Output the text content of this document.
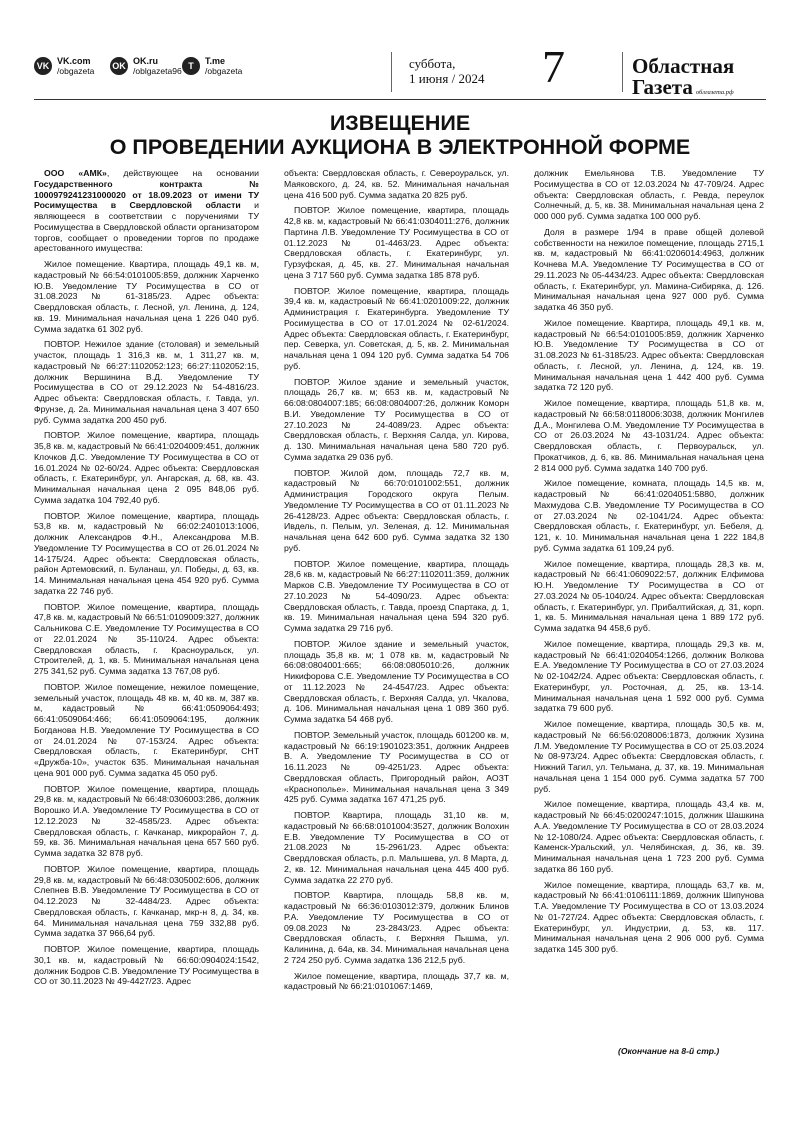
VK VK.com
/obgazeta OK OK.ru
/oblgazeta96 T	T.me
/obgazeta	суббота,
1 июня / 2024 7	Областная
Газета облгазета.рф
ИЗВЕЩЕНИЕ
О ПРОВЕДЕНИИ АУКЦИОНА В ЭЛЕКТРОННОЙ ФОРМЕ

ООО «АМК», действующее на основании Государственного контракта № 1000979241231000020 от 18.09.2023 от имени ТУ Росимущества в Свердловской области и являющееся в соответствии с поручениями ТУ Росимущества в Свердловской области организатором торгов, сообщает о проведении торгов по продаже арестованного имущества:

Жилое помещение. Квартира, площадь 49,1 кв. м, кадастровый № 66:54:0101005:859, должник Харченко Ю.В. Уведомление ТУ Росимущества в СО от 31.08.2023 № 61-3185/23. Адрес объекта: Свердловская область, г. Лесной, ул. Ленина, д. 124, кв. 19. Минимальная начальная цена 1 226 040 руб. Сумма задатка 61 302 руб.

ПОВТОР. Нежилое здание (столовая) и земельный участок, площадь 1 316,3 кв. м, 1 311,27 кв. м, кадастровый № 66:27:1102052:123; 66:27:1102052:15, должник Вершинина В.Д. Уведомление ТУ Росимущества в СО от 29.12.2023 № 54-4816/23. Адрес объекта: Свердловская область, г. Тавда, ул. Фрунзе, д. 2а. Минимальная начальная цена 3 407 650 руб. Сумма задатка 200 450 руб.

ПОВТОР. Жилое помещение, квартира, площадь 35,8 кв. м, кадастровый № 66:41:0204009:451, должник Клочков Д.С. Уведомление ТУ Росимущества в СО от 16.01.2024 № 02-60/24. Адрес объекта: Свердловская область, г. Екатеринбург, ул. Ангарская, д. 68, кв. 43. Минимальная начальная цена 2 095 848,06 руб. Сумма задатка 104 792,40 руб.

ПОВТОР. Жилое помещение, квартира, площадь 53,8 кв. м, кадастровый № 66:02:2401013:1006, должник Александров Ф.Н., Александрова М.В. Уведомление ТУ Росимущества в СО от 26.01.2024 № 14-175/24. Адрес объекта: Свердловская область, район Артемовский, п. Буланаш, ул. Победы, д. 63, кв. 14. Минимальная начальная цена 454 920 руб. Сумма задатка 22 746 руб.

ПОВТОР. Жилое помещение, квартира, площадь 47,8 кв. м, кадастровый № 66:51:0109009:327, должник Сальникова С.Е. Уведомление ТУ Росимущества в СО от 22.01.2024 № 35-110/24. Адрес объекта: Свердловская область, г. Красноуральск, ул. Строителей, д. 1, кв. 5. Минимальная начальная цена 275 341,52 руб. Сумма задатка 13 767,08 руб.

ПОВТОР. Жилое помещение, нежилое помещение, земельный участок, площадь 48 кв. м, 40 кв. м, 387 кв. м, кадастровый № 66:41:0509064:493; 66:41:0509064:466; 66:41:0509064:195, должник Богданова Н.В. Уведомление ТУ Росимущества в СО от 24.01.2024 № 07-153/24. Адрес объекта: Свердловская область, г. Екатеринбург, СНТ «Дружба-10», участок 635. Минимальная начальная цена 901 000 руб. Сумма задатка 45 050 руб.

ПОВТОР. Жилое помещение, квартира, площадь 29,8 кв. м, кадастровый № 66:48:0306003:286, должник Ворошко И.А. Уведомление ТУ Росимущества в СО от 12.12.2023 № 32-4585/23. Адрес объекта: Свердловская область, г. Качканар, микрорайон 7, д. 59, кв. 36. Минимальная начальная цена 657 560 руб. Сумма задатка 32 878 руб.

ПОВТОР. Жилое помещение, квартира, площадь 29,8 кв. м, кадастровый № 66:48:0305002:606, должник Слепнев В.В. Уведомление ТУ Росимущества в СО от 04.12.2023 № 32-4484/23. Адрес объекта: Свердловская область, г. Качканар, мкр-н 8, д. 34, кв. 64. Минимальная начальная цена 759 332,88 руб. Сумма задатка 37 966,64 руб.

ПОВТОР. Жилое помещение, квартира, площадь 30,1 кв. м, кадастровый № 66:60:0904024:1542, должник Бодров С.В. Уведомление ТУ Росимущества в СО от 30.11.2023 № 49-4427/23. Адрес

объекта: Свердловская область, г. Североуральск, ул. Маяковского, д. 24, кв. 52. Минимальная начальная цена 416 500 руб. Сумма задатка 20 825 руб.

ПОВТОР. Жилое помещение, квартира, площадь 42,8 кв. м, кадастровый № 66:41:0304011:276, должник Партина Л.В. Уведомление ТУ Росимущества в СО от 01.12.2023 № 01-4463/23. Адрес объекта: Свердловская область, г. Екатеринбург, ул. Гурзуфская, д. 45, кв. 27. Минимальная начальная цена 3 717 560 руб. Сумма задатка 185 878 руб.

ПОВТОР. Жилое помещение, квартира, площадь 39,4 кв. м, кадастровый № 66:41:0201009:22, должник Администрация г. Екатеринбурга. Уведомление ТУ Росимущества в СО от 17.01.2024 № 02-61/2024. Адрес объекта: Свердловская область, г. Екатеринбург, пер. Северка, ул. Советская, д. 5, кв. 2. Минимальная начальная цена 1 094 120 руб. Сумма задатка 54 706 руб.

ПОВТОР. Жилое здание и земельный участок, площадь 26,7 кв. м; 653 кв. м, кадастровый № 66:08:0804007:185; 66:08:0804007:26, должник Коморн В.И. Уведомление ТУ Росимущества в СО от 27.10.2023 № 24-4089/23. Адрес объекта: Свердловская область, г. Верхняя Салда, ул. Кирова, д. 130. Минимальная начальная цена 580 720 руб. Сумма задатка 29 036 руб.

ПОВТОР. Жилой дом, площадь 72,7 кв. м, кадастровый № 66:70:0101002:551, должник Администрация Городского округа Пелым. Уведомление ТУ Росимущества в СО от 01.11.2023 № 26-4128/23. Адрес объекта: Свердловская область, г. Ивдель, п. Пелым, ул. Зеленая, д. 12. Минимальная начальная цена 642 600 руб. Сумма задатка 32 130 руб.

ПОВТОР. Жилое помещение, квартира, площадь 28,6 кв. м, кадастровый № 66:27:1102011:359, должник Марков С.В. Уведомление ТУ Росимущества в СО от 27.10.2023 № 54-4090/23. Адрес объекта: Свердловская область, г. Тавда, проезд Спартака, д. 1, кв. 19. Минимальная начальная цена 594 320 руб. Сумма задатка 29 716 руб.

ПОВТОР. Жилое здание и земельный участок, площадь 35,8 кв. м; 1 078 кв. м, кадастровый № 66:08:0804001:665; 66:08:0805010:26, должник Никифорова С.Е. Уведомление ТУ Росимущества в СО от 11.12.2023 № 24-4547/23. Адрес объекта: Свердловская область, г. Верхняя Салда, ул. Чкалова, д. 106. Минимальная начальная цена 1 089 360 руб. Сумма задатка 54 468 руб.

ПОВТОР. Земельный участок, площадь 601200 кв. м, кадастровый № 66:19:1901023:351, должник Андреев В. А. Уведомление ТУ Росимущества в СО от 16.11.2023 № 09-4251/23. Адрес объекта: Свердловская область, Пригородный район, АОЗТ «Краснополье». Минимальная начальная цена 3 349 425 руб. Сумма задатка 167 471,25 руб.

ПОВТОР. Квартира, площадь 31,10 кв. м, кадастровый № 66:68:0101004:3527, должник Волохин Е.В. Уведомление ТУ Росимущества в СО от 21.08.2023 № 15-2961/23. Адрес объекта: Свердловская область, р.п. Малышева, ул. 8 Марта, д. 2, кв. 12. Минимальная начальная цена 445 400 руб. Сумма задатка 22 270 руб.

ПОВТОР. Квартира, площадь 58,8 кв. м, кадастровый № 66:36:0103012:379, должник Блинов Р.А. Уведомление ТУ Росимущества в СО от 09.08.2023 № 23-2843/23. Адрес объекта: Свердловская область, г. Верхняя Пышма, ул. Калинина, д. 64а, кв. 34. Минимальная начальная цена 2 724 250 руб. Сумма задатка 136 212,5 руб.

Жилое помещение, квартира, площадь 37,7 кв. м, кадастровый № 66:21:0101067:1469,

должник Емельянова Т.В. Уведомление ТУ Росимущества в СО от 12.03.2024 № 47-709/24. Адрес объекта: Свердловская область, г. Ревда, переулок Солнечный, д. 5, кв. 38. Минимальная начальная цена 2 000 000 руб. Сумма задатка 100 000 руб.

Доля в размере 1/94 в праве общей долевой собственности на нежилое помещение, площадь 2715,1 кв. м, кадастровый № 66:41:0206014:4963, должник Кочнева М.А. Уведомление ТУ Росимущества в СО от 29.11.2023 № 05-4434/23. Адрес объекта: Свердловская область, г. Екатеринбург, ул. Мамина-Сибиряка, д. 126. Минимальная начальная цена 927 000 руб. Сумма задатка 46 350 руб.

Жилое помещение. Квартира, площадь 49,1 кв. м, кадастровый № 66:54:0101005:859, должник Харченко Ю.В. Уведомление ТУ Росимущества в СО от 31.08.2023 № 61-3185/23. Адрес объекта: Свердловская область, г. Лесной, ул. Ленина, д. 124, кв. 19. Минимальная начальная цена 1 442 400 руб. Сумма задатка 72 120 руб.

Жилое помещение, квартира, площадь 51,8 кв. м, кадастровый № 66:58:0118006:3038, должник Монгилев Д.А., Монгилева О.М. Уведомление ТУ Росимущества в СО от 26.03.2024 № 43-1031/24. Адрес объекта: Свердловская область, г. Первоуральск, ул. Прокатчиков, д. 6, кв. 86. Минимальная начальная цена 2 814 000 руб. Сумма задатка 140 700 руб.

Жилое помещение, комната, площадь 14,5 кв. м, кадастровый № 66:41:0204051:5880, должник Махмудова С.В. Уведомление ТУ Росимущества в СО от 27.03.2024 № 02-1041/24. Адрес объекта: Свердловская область, г. Екатеринбург, ул. Бебеля, д. 121, к. 10. Минимальная начальная цена 1 222 184,8 руб. Сумма задатка 61 109,24 руб.

Жилое помещение, квартира, площадь 28,3 кв. м, кадастровый № 66:41:0609022:57, должник Елфимова Ю.Н. Уведомление ТУ Росимущества в СО от 27.03.2024 № 05-1040/24. Адрес объекта: Свердловская область, г. Екатеринбург, ул. Прибалтийская, д. 31, корп. 1, кв. 5. Минимальная начальная цена 1 889 172 руб. Сумма задатка 94 458,6 руб.

Жилое помещение, квартира, площадь 29,3 кв. м, кадастровый № 66:41:0204054:1266, должник Волкова Е.А. Уведомление ТУ Росимущества в СО от 27.03.2024 № 02-1042/24. Адрес объекта: Свердловская область, г. Екатеринбург, ул. Росточная, д. 25, кв. 13-14. Минимальная начальная цена 1 592 000 руб. Сумма задатка 79 600 руб.

Жилое помещение, квартира, площадь 30,5 кв. м, кадастровый № 66:56:0208006:1873, должник Хузина Л.М. Уведомление ТУ Росимущества в СО от 25.03.2024 № 08-973/24. Адрес объекта: Свердловская область, г. Нижний Тагил, ул. Тельмана, д. 37, кв. 19. Минимальная начальная цена 1 154 000 руб. Сумма задатка 57 700 руб.

Жилое помещение, квартира, площадь 43,4 кв. м, кадастровый № 66:45:0200247:1015, должник Шашкина А.А. Уведомление ТУ Росимущества в СО от 28.03.2024 № 12-1080/24. Адрес объекта: Свердловская область, г. Каменск-Уральский, ул. Челябинская, д. 36, кв. 39. Минимальная начальная цена 1 723 200 руб. Сумма задатка 86 160 руб.

Жилое помещение, квартира, площадь 63,7 кв. м, кадастровый № 66:41:0106111:1869, должник Шипунова Т.А. Уведомление ТУ Росимущества в СО от 13.03.2024 № 01-727/24. Адрес объекта: Свердловская область, г. Екатеринбург, ул. Индустрии, д. 53, кв. 117. Минимальная начальная цена 2 906 000 руб. Сумма задатка 145 300 руб.

(Окончание на 8-й стр.)
